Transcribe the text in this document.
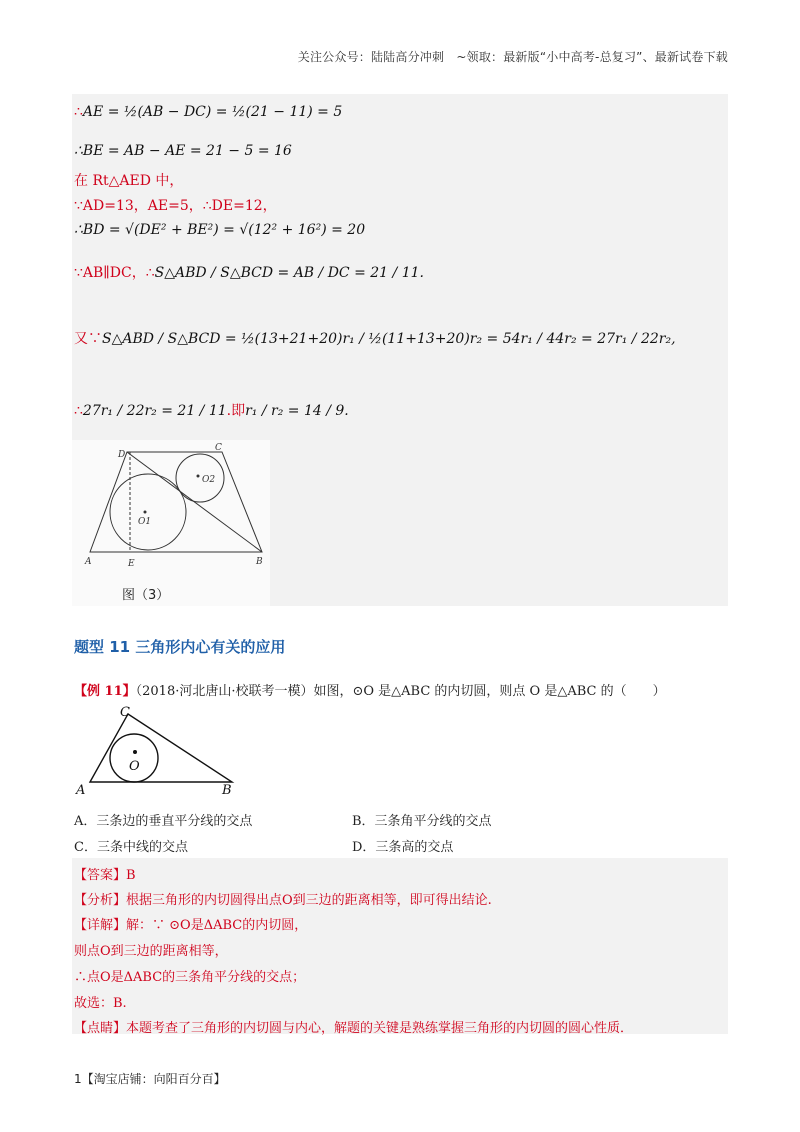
关注公众号：陆陆高分冲刺　~领取：最新版“小中高考-总复习”、最新试卷下载
∴AE = ½(AB − DC) = ½(21 − 11) = 5
∴BE = AB − AE = 21 − 5 = 16
在 Rt△AED 中，
∵AD=13，AE=5，∴DE=12，
∴BD = √(DE² + BE²) = √(12² + 16²) = 20
∵AB∥DC，∴S△ABD / S△BCD = AB / DC = 21 / 11.
又∵S△ABD / S△BCD = ½(13+21+20)r₁ / ½(11+13+20)r₂ = 54r₁ / 44r₂ = 27r₁ / 22r₂,
∴27r₁ / 22r₂ = 21 / 11.即r₁ / r₂ = 14 / 9.
D
C
A	E	B
O1
O2
图（3）
题型 11 三角形内心有关的应用
【例 11】（2018·河北唐山·校联考一模）如图，⊙O 是△ABC 的内切圆，则点 O 是△ABC 的（　　）
C
A	B
O
A．三条边的垂直平分线的交点	B．三条角平分线的交点
C．三条中线的交点	D．三条高的交点
【答案】B
【分析】根据三角形的内切圆得出点O到三边的距离相等，即可得出结论.
【详解】解：∵ ⊙O是ΔABC的内切圆，
则点O到三边的距离相等，
∴点O是ΔABC的三条角平分线的交点；
故选：B.
【点睛】本题考查了三角形的内切圆与内心，解题的关键是熟练掌握三角形的内切圆的圆心性质．
1【淘宝店铺：向阳百分百】
